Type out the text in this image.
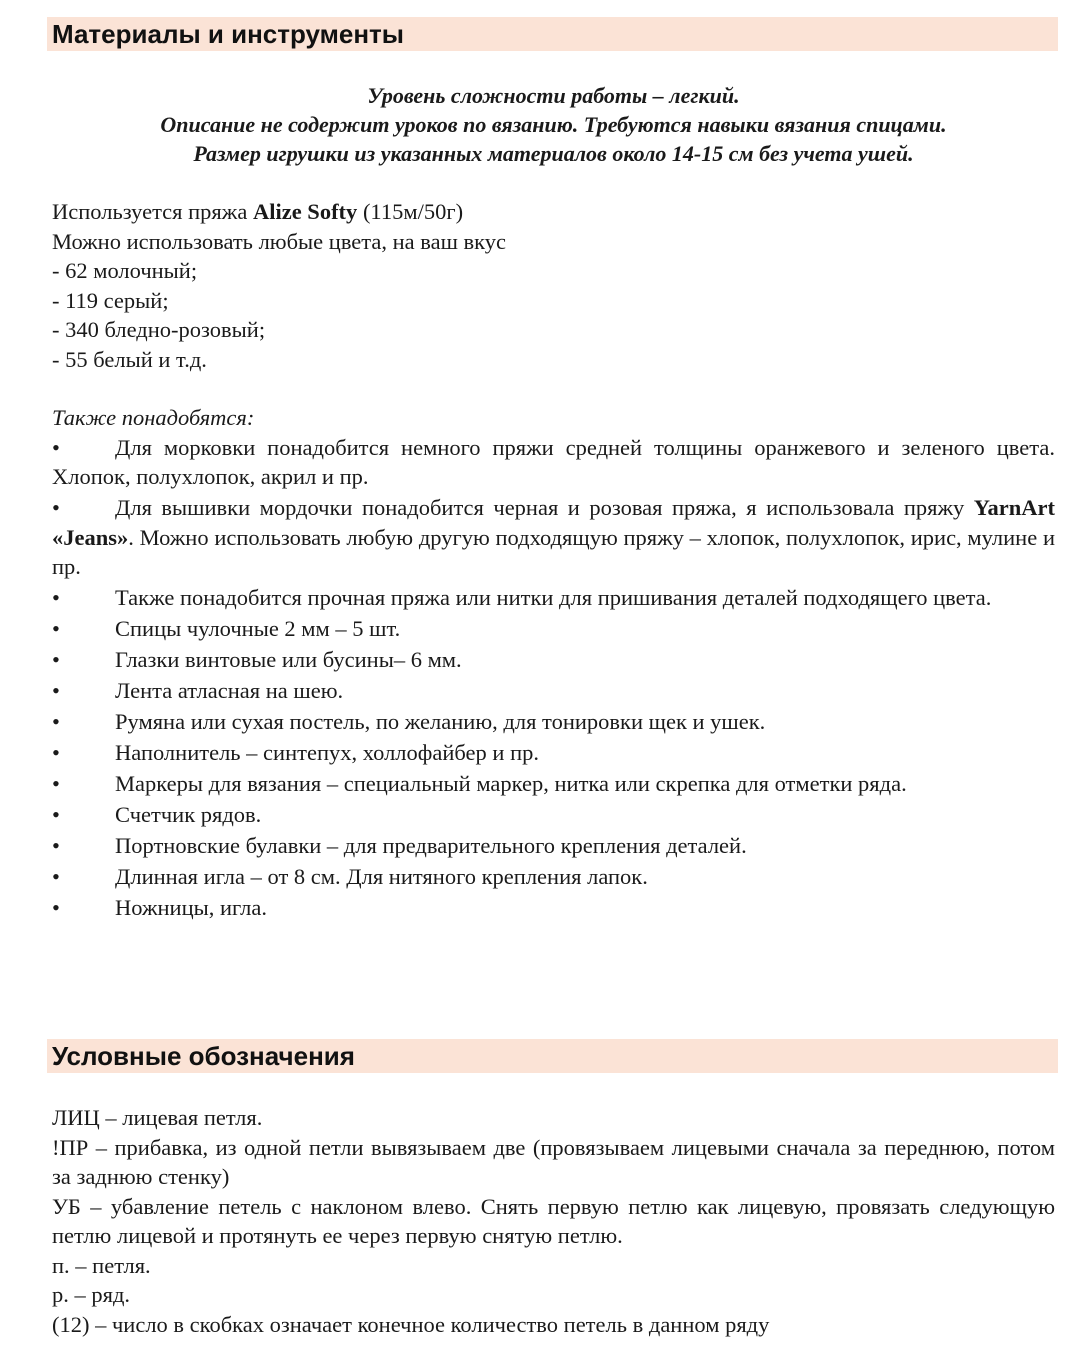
Материалы и инструменты
Уровень сложности работы – легкий.
Описание не содержит уроков по вязанию. Требуются навыки вязания спицами.
Размер игрушки из указанных материалов около 14-15 см без учета ушей.

Используется пряжа Alize Softy (115м/50г)

Можно использовать любые цвета, на ваш вкус

- 62 молочный;

- 119 серый;

- 340 бледно-розовый;

- 55 белый и т.д.

Также понадобятся:

•	Для морковки понадобится немного пряжи средней толщины оранжевого и зеленого цвета. Хлопок, полухлопок, акрил и пр.
•	Для вышивки мордочки понадобится черная и розовая пряжа, я использовала пряжу YarnArt «Jeans». Можно использовать любую другую подходящую пряжу – хлопок, полухлопок, ирис, мулине и пр.
•	Также понадобится прочная пряжа или нитки для пришивания деталей подходящего цвета.
•	Спицы чулочные 2 мм – 5 шт.
•	Глазки винтовые или бусины– 6 мм.
•	Лента атласная на шею.
•	Румяна или сухая постель, по желанию, для тонировки щек и ушек.
•	Наполнитель – синтепух, холлофайбер и пр.
•	Маркеры для вязания – специальный маркер, нитка или скрепка для отметки ряда.
•	Счетчик рядов.
•	Портновские булавки – для предварительного крепления деталей.
•	Длинная игла – от 8 см. Для нитяного крепления лапок.
•	Ножницы, игла.
Условные обозначения

ЛИЦ – лицевая петля.

!ПР – прибавка, из одной петли вывязываем две (провязываем лицевыми сначала за переднюю, потом за заднюю стенку)

УБ – убавление петель с наклоном влево. Снять первую петлю как лицевую, провязать следующую петлю лицевой и протянуть ее через первую снятую петлю.

п. – петля.

р. – ряд.

(12) – число в скобках означает конечное количество петель в данном ряду
